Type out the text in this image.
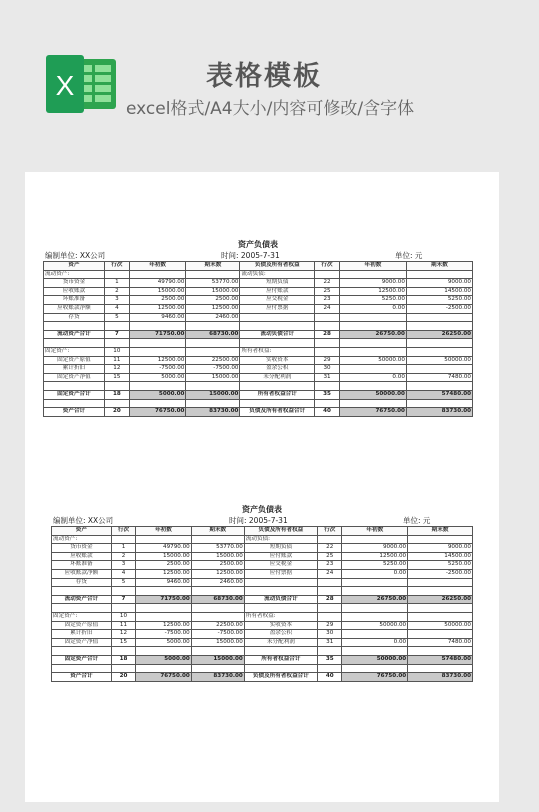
X	表格模板
excel格式/A4大小/内容可修改/含字体
资产负债表
编制单位: XX公司	时间: 2005-7-31	单位: 元
资产	行次	年初数	期末数	负债及所有者权益	行次	年初数	期末数
流动资产:				流动负债:			
货币资金	1	49790.00	53770.00	短期负债	22	9000.00	9000.00
应收账款	2	15000.00	15000.00	应付账款	25	12500.00	14500.00
坏账准备	3	2500.00	2500.00	应交税金	23	5250.00	5250.00
应收账款净额	4	12500.00	12500.00	应付票据	24	0.00	-2500.00
存货	5	9460.00	2460.00				

流动资产合计	7	71750.00	68730.00	流动负债合计	28	26750.00	26250.00

固定资产:	10			所有者权益:			
固定资产原值	11	12500.00	22500.00	实收资本	29	50000.00	50000.00
累计折旧	12	-7500.00	-7500.00	盈余公积	30		
固定资产净值	15	5000.00	15000.00	未分配利润	31	0.00	7480.00

固定资产合计	18	5000.00	15000.00	所有者权益合计	35	50000.00	57480.00

资产合计	20	76750.00	83730.00	负债及所有者权益合计	40	76750.00	83730.00
资产负债表
编制单位: XX公司	时间: 2005-7-31	单位: 元
资产	行次	年初数	期末数	负债及所有者权益	行次	年初数	期末数
流动资产:				流动负债:			
货币资金	1	49790.00	53770.00	短期负债	22	9000.00	9000.00
应收账款	2	15000.00	15000.00	应付账款	25	12500.00	14500.00
坏账准备	3	2500.00	2500.00	应交税金	23	5250.00	5250.00
应收账款净额	4	12500.00	12500.00	应付票据	24	0.00	-2500.00
存货	5	9460.00	2460.00				

流动资产合计	7	71750.00	68730.00	流动负债合计	28	26750.00	26250.00

固定资产:	10			所有者权益:			
固定资产原值	11	12500.00	22500.00	实收资本	29	50000.00	50000.00
累计折旧	12	-7500.00	-7500.00	盈余公积	30		
固定资产净值	15	5000.00	15000.00	未分配利润	31	0.00	7480.00

固定资产合计	18	5000.00	15000.00	所有者权益合计	35	50000.00	57480.00

资产合计	20	76750.00	83730.00	负债及所有者权益合计	40	76750.00	83730.00
